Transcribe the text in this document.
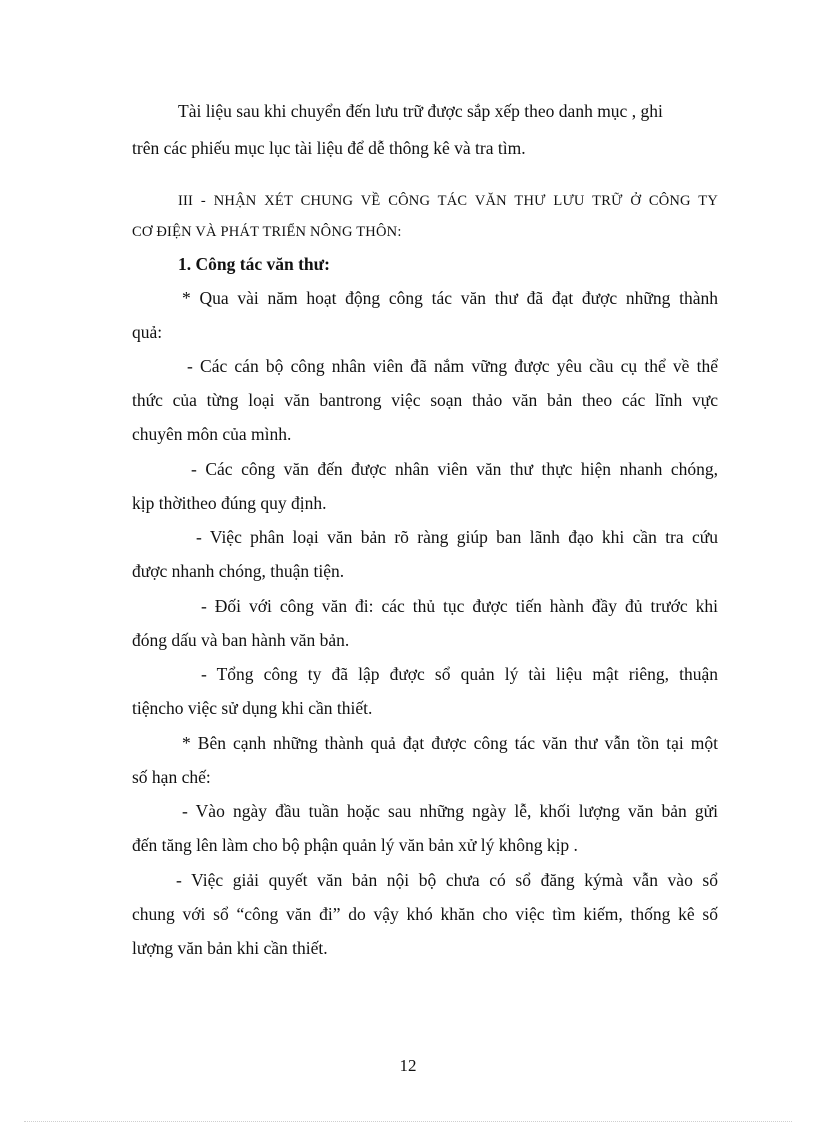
Tài liệu sau khi chuyển đến lưu trữ được sắp xếp theo danh mục , ghi
trên các phiếu mục lục tài liệu để dễ thông kê và tra tìm.
III - NHẬN XÉT CHUNG VỀ CÔNG TÁC VĂN THƯ LƯU TRỮ Ở CÔNG TY
CƠ ĐIỆN VÀ PHÁT TRIỂN NÔNG THÔN:
1. Công tác văn thư:
* Qua vài năm hoạt động công tác văn thư đã đạt được những thành
quả:
- Các cán bộ công nhân viên đã nắm vững được yêu cầu cụ thể về thể
thức của từng loại văn bantrong việc soạn thảo văn bản theo các lĩnh vực
chuyên môn của mình.
- Các công văn đến được nhân viên văn thư thực hiện nhanh chóng,
kịp thờitheo đúng quy định.
- Việc phân loại văn bản rõ ràng giúp ban lãnh đạo khi cần tra cứu
được nhanh chóng, thuận tiện.
- Đối với công văn đi: các thủ tục được tiến hành đầy đủ trước khi
đóng dấu và ban hành văn bản.
- Tổng công ty đã lập được sổ quản lý tài liệu mật riêng, thuận
tiệncho việc sử dụng khi cần thiết.
* Bên cạnh những thành quả đạt được công tác văn thư vẫn tồn tại một
số hạn chế:
- Vào ngày đầu tuần hoặc sau những ngày lễ, khối lượng văn bản gửi
đến tăng lên làm cho bộ phận quản lý văn bản xử lý không kịp .
- Việc giải quyết văn bản nội bộ chưa có sổ đăng kýmà vẫn vào sổ
chung với sổ “công văn đi” do vậy khó khăn cho việc tìm kiếm, thống kê số
lượng văn bản khi cần thiết.
12
